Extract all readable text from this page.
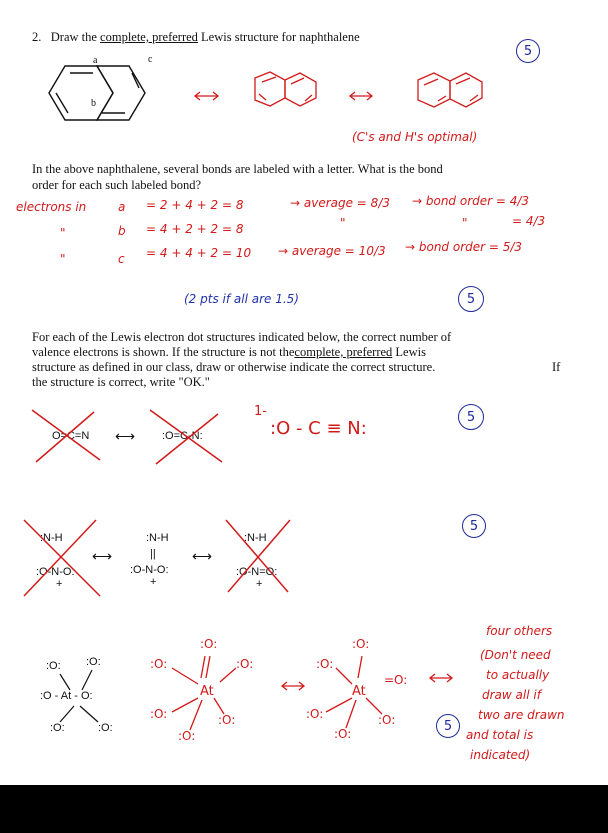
2. Draw the complete, preferred Lewis structure for naphthalene
5
a
b
c
(C's and H's optimal)
In the above naphthalene, several bonds are labeled with a letter. What is the bond
order for each such labeled bond?
electrons in	a = 2 + 4 + 2 = 8	→ average = 8/3 → bond order = 4/3
"	b = 4 + 2 + 2 = 8	"	"	= 4/3
"	c = 4 + 4 + 2 = 10 → average = 10/3 → bond order = 5/3
(2 pts if all are 1.5)	5
For each of the Lewis electron dot structures indicated below, the correct number of
valence electrons is shown. If the structure is not thecomplete, preferred Lewis
structure as defined in our class, draw or otherwise indicate the correct structure.	If
the structure is correct, write "OK."
O=C=N ⟷ :O=C-N:
1-
:O - C ≡ N:
5
:N-H
:O-N-O:
+
⟷
:N-H
||
:O-N-O:
+
⟷
:N-H
:O-N=O:
+
5
:O: :O:
:O - At - O:
:O:	:O:
At	At
:O:
:O:	:O:
:O:	:O:
:O:
:O:
:O:
=O:
:O:	:O:
:O:
four others
(Don't need
to actually
draw all if
two are drawn
and total is
indicated)
5
